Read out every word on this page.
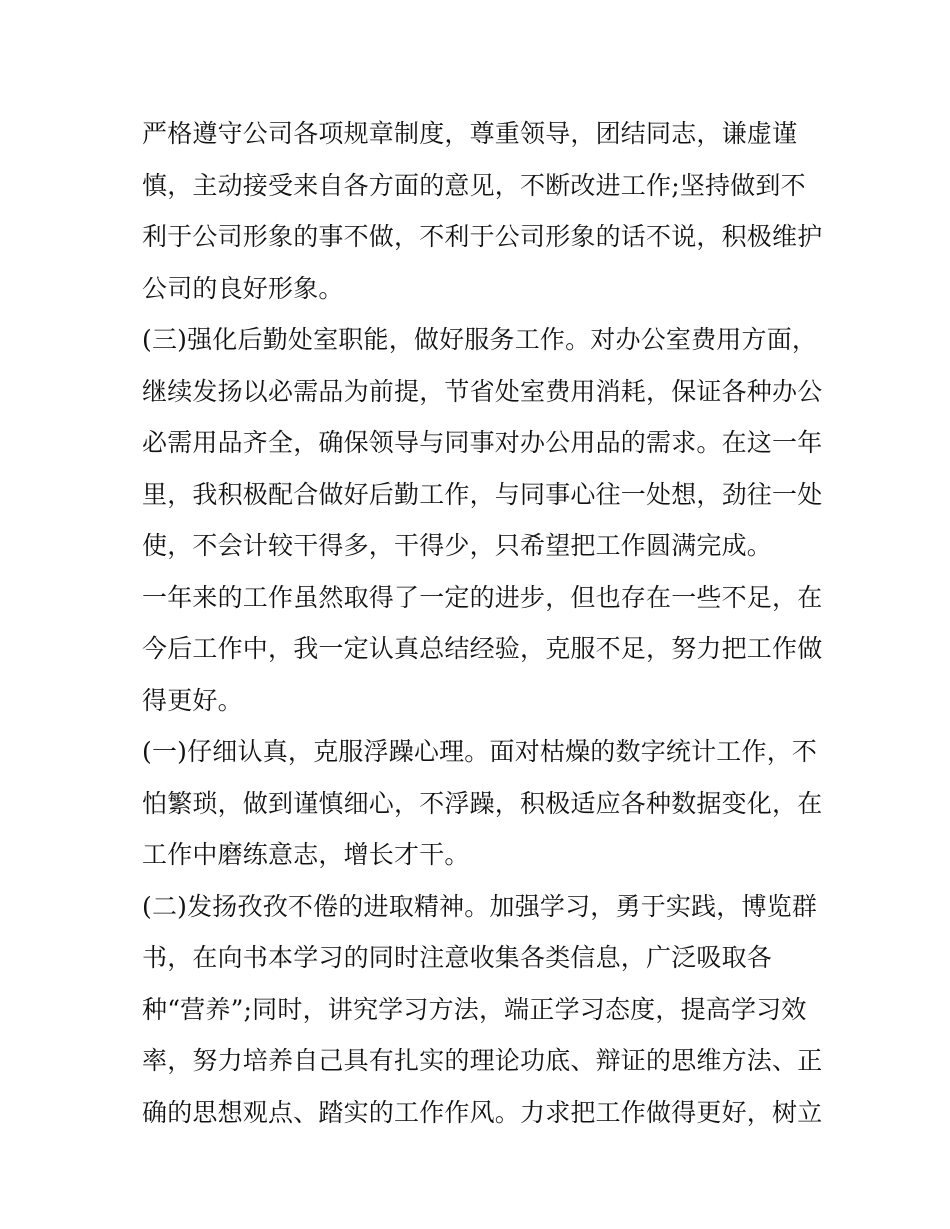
严格遵守公司各项规章制度，尊重领导，团结同志，谦虚谨
慎，主动接受来自各方面的意见，不断改进工作;坚持做到不
利于公司形象的事不做，不利于公司形象的话不说，积极维护
公司的良好形象。
(三)强化后勤处室职能，做好服务工作。对办公室费用方面，
继续发扬以必需品为前提，节省处室费用消耗，保证各种办公
必需用品齐全，确保领导与同事对办公用品的需求。在这一年
里，我积极配合做好后勤工作，与同事心往一处想，劲往一处
使，不会计较干得多，干得少，只希望把工作圆满完成。
一年来的工作虽然取得了一定的进步，但也存在一些不足，在
今后工作中，我一定认真总结经验，克服不足，努力把工作做
得更好。
(一)仔细认真，克服浮躁心理。面对枯燥的数字统计工作，不
怕繁琐，做到谨慎细心，不浮躁，积极适应各种数据变化，在
工作中磨练意志，增长才干。
(二)发扬孜孜不倦的进取精神。加强学习，勇于实践，博览群
书，在向书本学习的同时注意收集各类信息，广泛吸取各
种“营养”;同时，讲究学习方法，端正学习态度，提高学习效
率，努力培养自己具有扎实的理论功底、辩证的思维方法、正
确的思想观点、踏实的工作作风。力求把工作做得更好，树立
